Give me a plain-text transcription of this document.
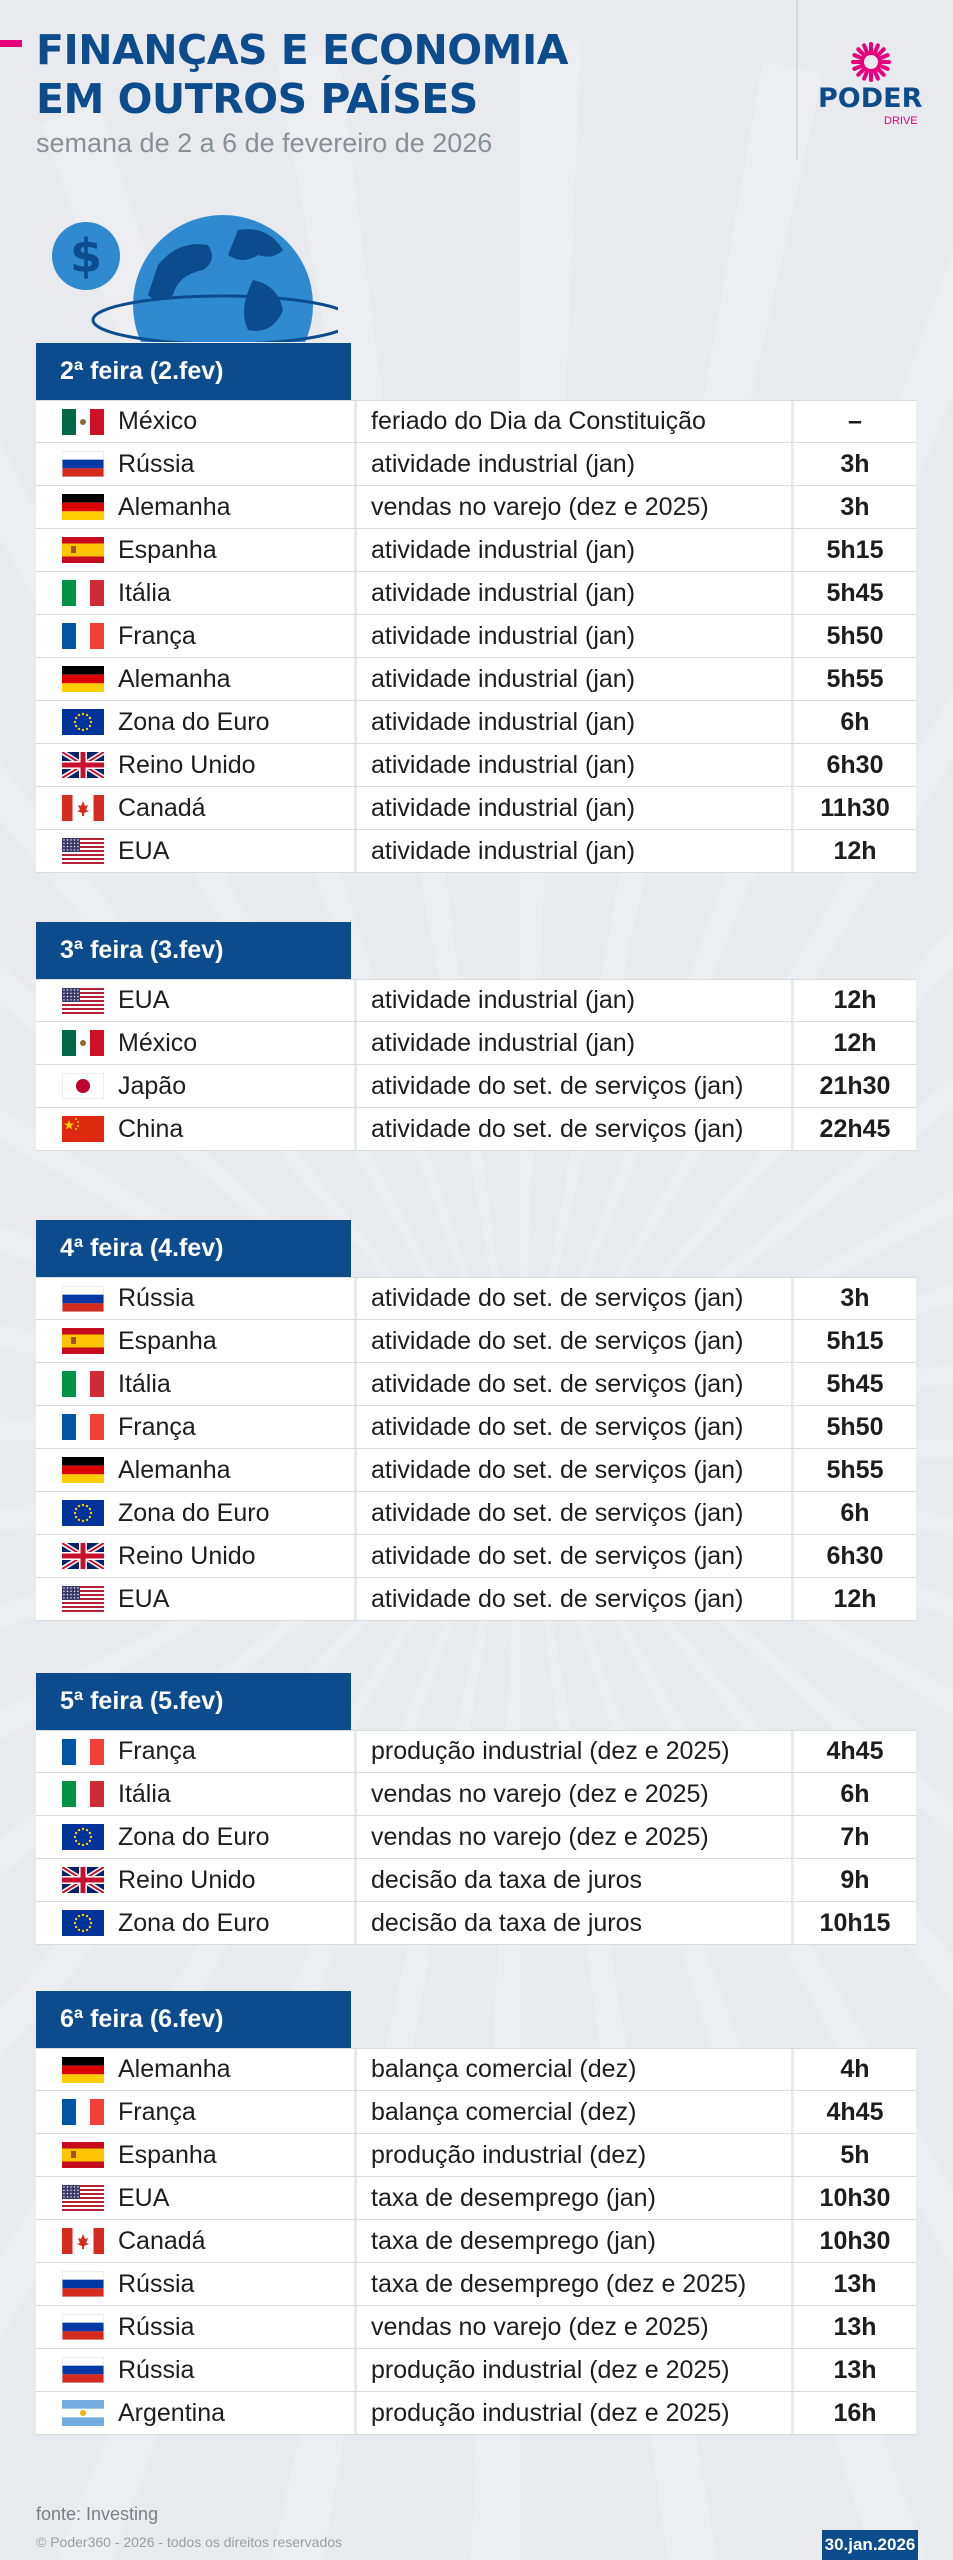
FINANÇAS E ECONOMIA
EM OUTROS PAÍSES
semana de 2 a 6 de fevereiro de 2026
PODER
DRIVE
$
2ª feira (2.fev)
México	feriado do Dia da Constituição	–
Rússia	atividade industrial (jan)	3h
Alemanha	vendas no varejo (dez e 2025)	3h
Espanha	atividade industrial (jan)	5h15
Itália	atividade industrial (jan)	5h45
França	atividade industrial (jan)	5h50
Alemanha	atividade industrial (jan)	5h55
Zona do Euro	atividade industrial (jan)	6h
Reino Unido	atividade industrial (jan)	6h30
Canadá	atividade industrial (jan)	11h30
EUA	atividade industrial (jan)	12h
3ª feira (3.fev)
EUA	atividade industrial (jan)	12h
México	atividade industrial (jan)	12h
Japão	atividade do set. de serviços (jan)	21h30
China	atividade do set. de serviços (jan)	22h45
4ª feira (4.fev)
Rússia	atividade do set. de serviços (jan)	3h
Espanha	atividade do set. de serviços (jan)	5h15
Itália	atividade do set. de serviços (jan)	5h45
França	atividade do set. de serviços (jan)	5h50
Alemanha	atividade do set. de serviços (jan)	5h55
Zona do Euro	atividade do set. de serviços (jan)	6h
Reino Unido	atividade do set. de serviços (jan)	6h30
EUA	atividade do set. de serviços (jan)	12h
5ª feira (5.fev)
França	produção industrial (dez e 2025)	4h45
Itália	vendas no varejo (dez e 2025)	6h
Zona do Euro	vendas no varejo (dez e 2025)	7h
Reino Unido	decisão da taxa de juros	9h
Zona do Euro	decisão da taxa de juros	10h15
6ª feira (6.fev)
Alemanha	balança comercial (dez)	4h
França	balança comercial (dez)	4h45
Espanha	produção industrial (dez)	5h
EUA	taxa de desemprego (jan)	10h30
Canadá	taxa de desemprego (jan)	10h30
Rússia	taxa de desemprego (dez e 2025)	13h
Rússia	vendas no varejo (dez e 2025)	13h
Rússia	produção industrial (dez e 2025)	13h
Argentina	produção industrial (dez e 2025)	16h
fonte: Investing
© Poder360 - 2026 - todos os direitos reservados	30.jan.2026
